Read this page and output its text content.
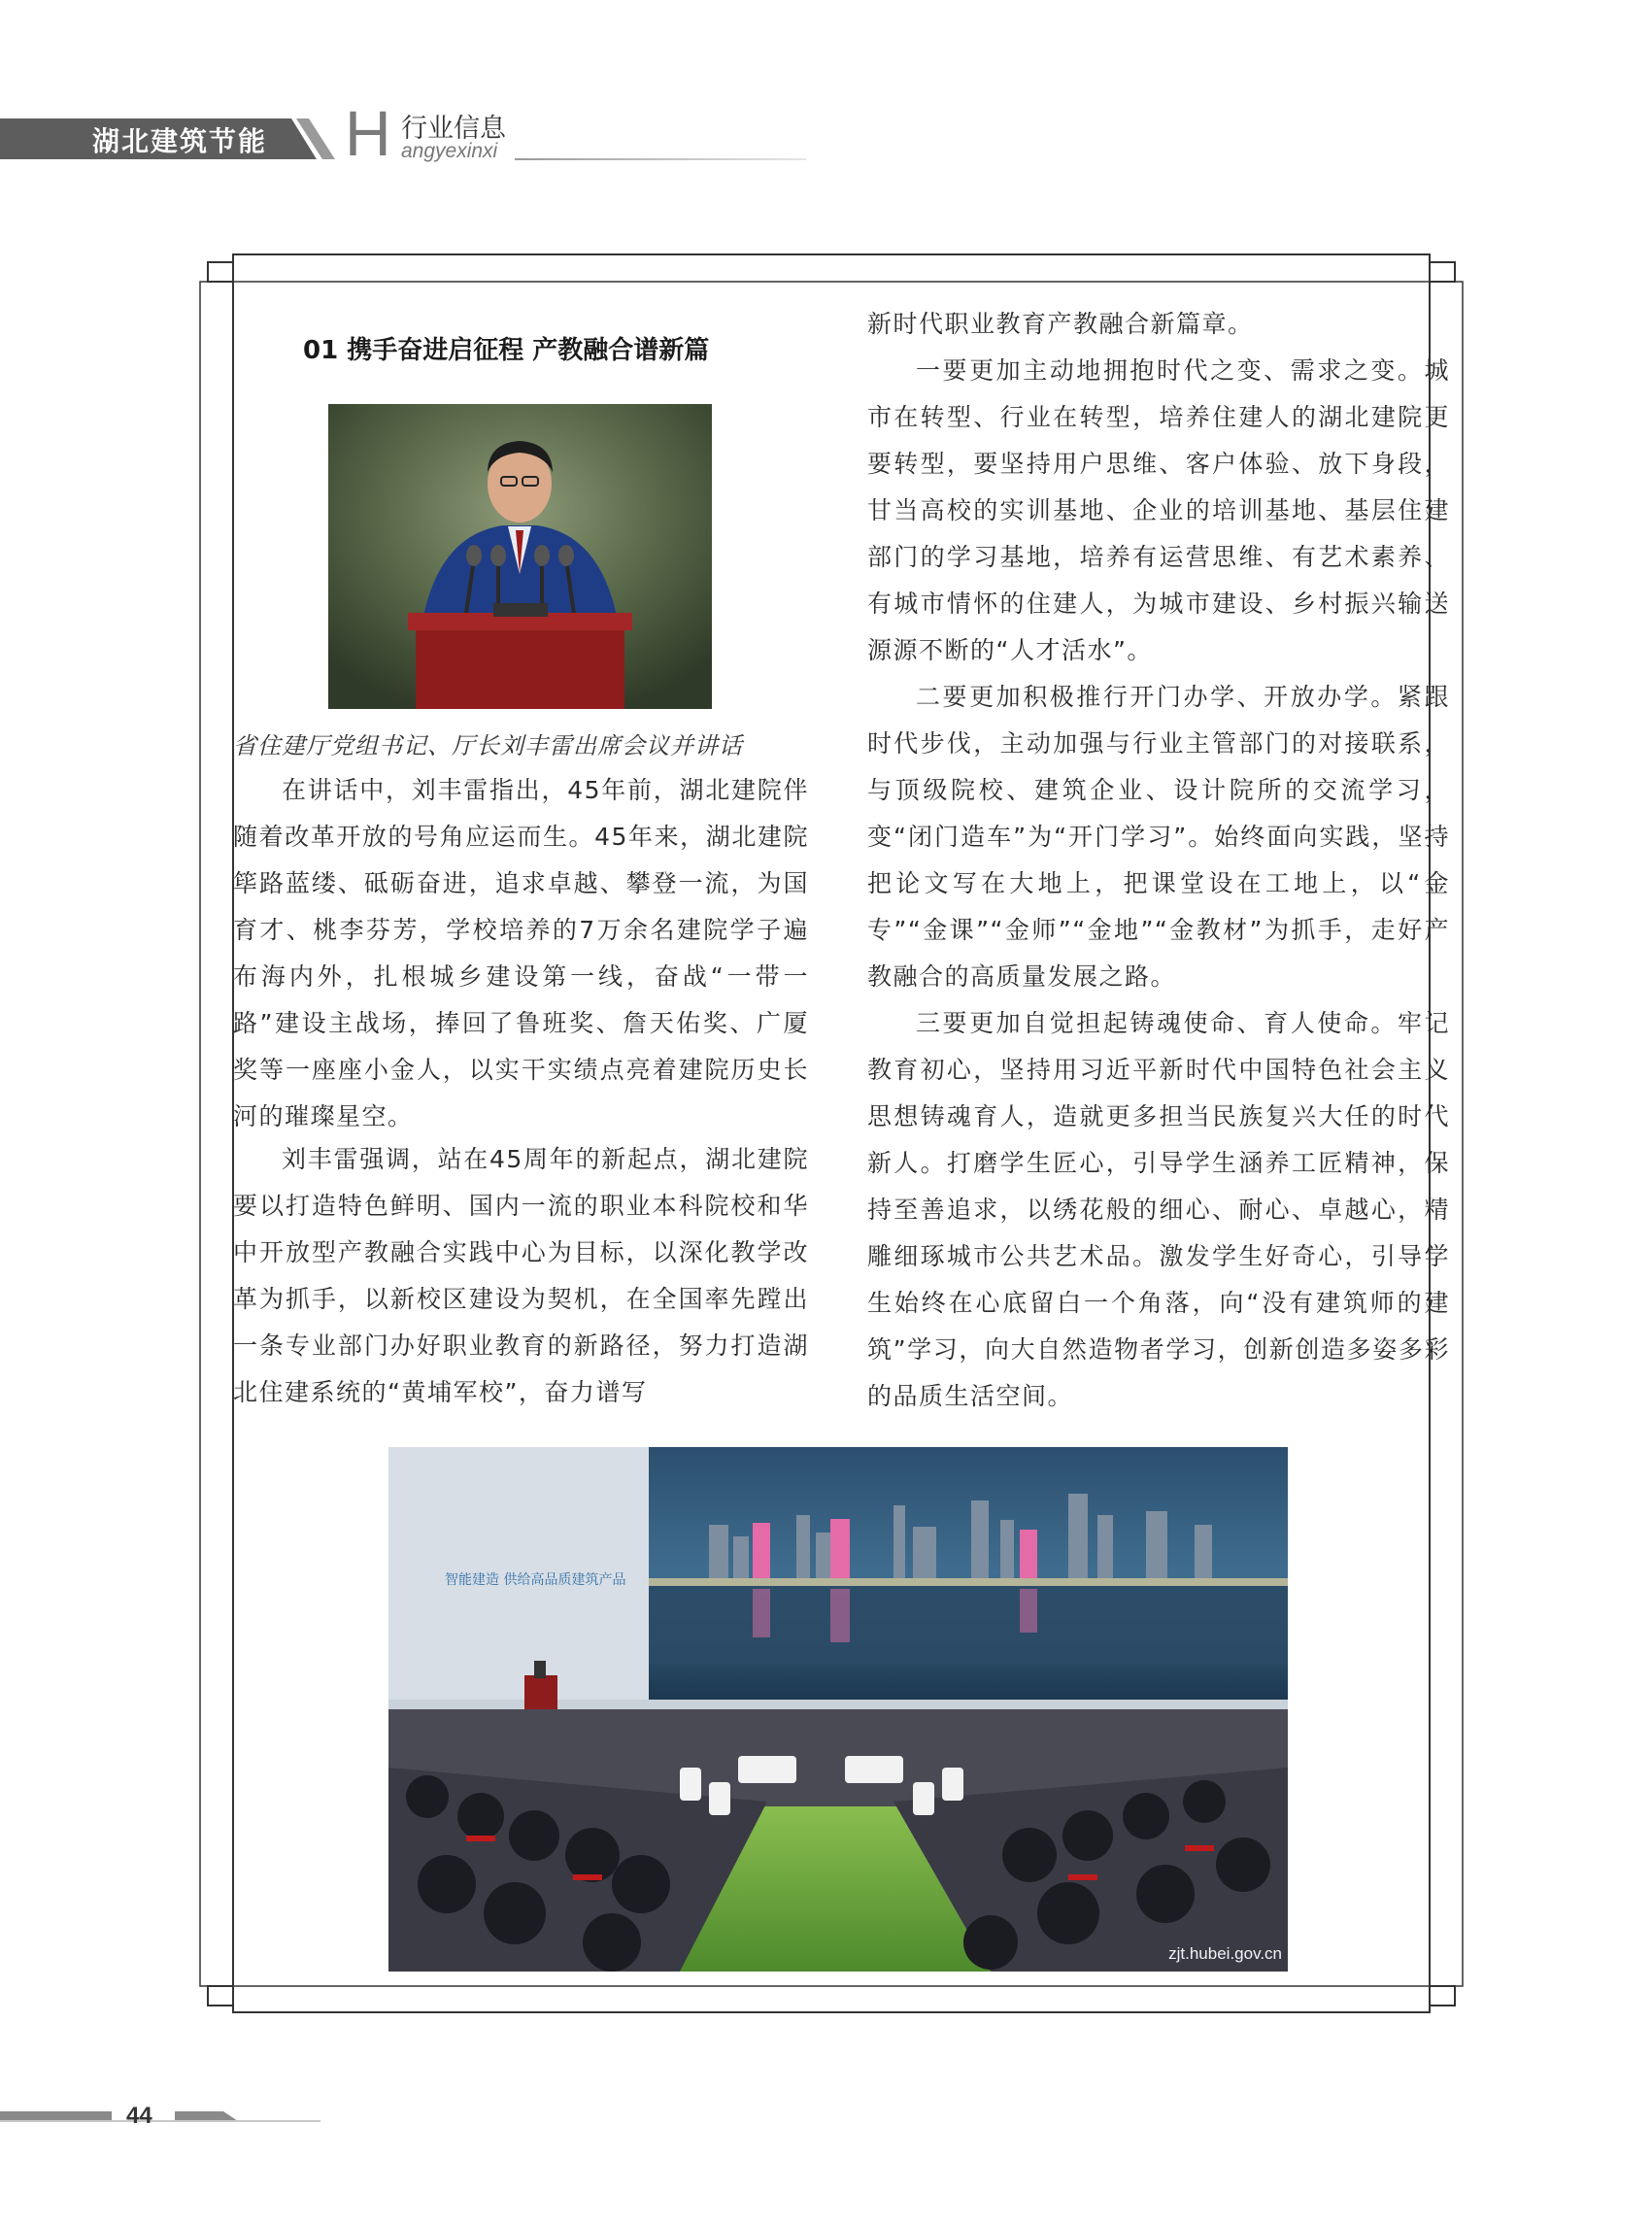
湖北建筑节能 H 行业信息
angyexinxi
01 携手奋进启征程 产教融合谱新篇
省住建厅党组书记、厅长刘丰雷出席会议并讲话

在讲话中，刘丰雷指出，45年前，湖北建院伴随着改革开放的号角应运而生。45年来，湖北建院筚路蓝缕、砥砺奋进，追求卓越、攀登一流，为国育才、桃李芬芳，学校培养的7万余名建院学子遍布海内外，扎根城乡建设第一线，奋战“一带一路”建设主战场，捧回了鲁班奖、詹天佑奖、广厦奖等一座座小金人，以实干实绩点亮着建院历史长河的璀璨星空。

刘丰雷强调，站在45周年的新起点，湖北建院要以打造特色鲜明、国内一流的职业本科院校和华中开放型产教融合实践中心为目标，以深化教学改革为抓手，以新校区建设为契机，在全国率先蹚出一条专业部门办好职业教育的新路径，努力打造湖北住建系统的“黄埔军校”，奋力谱写

新时代职业教育产教融合新篇章。

一要更加主动地拥抱时代之变、需求之变。城市在转型、行业在转型，培养住建人的湖北建院更要转型，要坚持用户思维、客户体验、放下身段，甘当高校的实训基地、企业的培训基地、基层住建部门的学习基地，培养有运营思维、有艺术素养、有城市情怀的住建人，为城市建设、乡村振兴输送源源不断的“人才活水”。

二要更加积极推行开门办学、开放办学。紧跟时代步伐，主动加强与行业主管部门的对接联系，与顶级院校、建筑企业、设计院所的交流学习，变“闭门造车”为“开门学习”。始终面向实践，坚持把论文写在大地上，把课堂设在工地上，以“金专”“金课”“金师”“金地”“金教材”为抓手，走好产教融合的高质量发展之路。

三要更加自觉担起铸魂使命、育人使命。牢记教育初心，坚持用习近平新时代中国特色社会主义思想铸魂育人，造就更多担当民族复兴大任的时代新人。打磨学生匠心，引导学生涵养工匠精神，保持至善追求，以绣花般的细心、耐心、卓越心，精雕细琢城市公共艺术品。激发学生好奇心，引导学生始终在心底留白一个角落，向“没有建筑师的建筑”学习，向大自然造物者学习，创新创造多姿多彩的品质生活空间。

智能建造 供给高品质建筑产品
zjt.hubei.gov.cn
44
